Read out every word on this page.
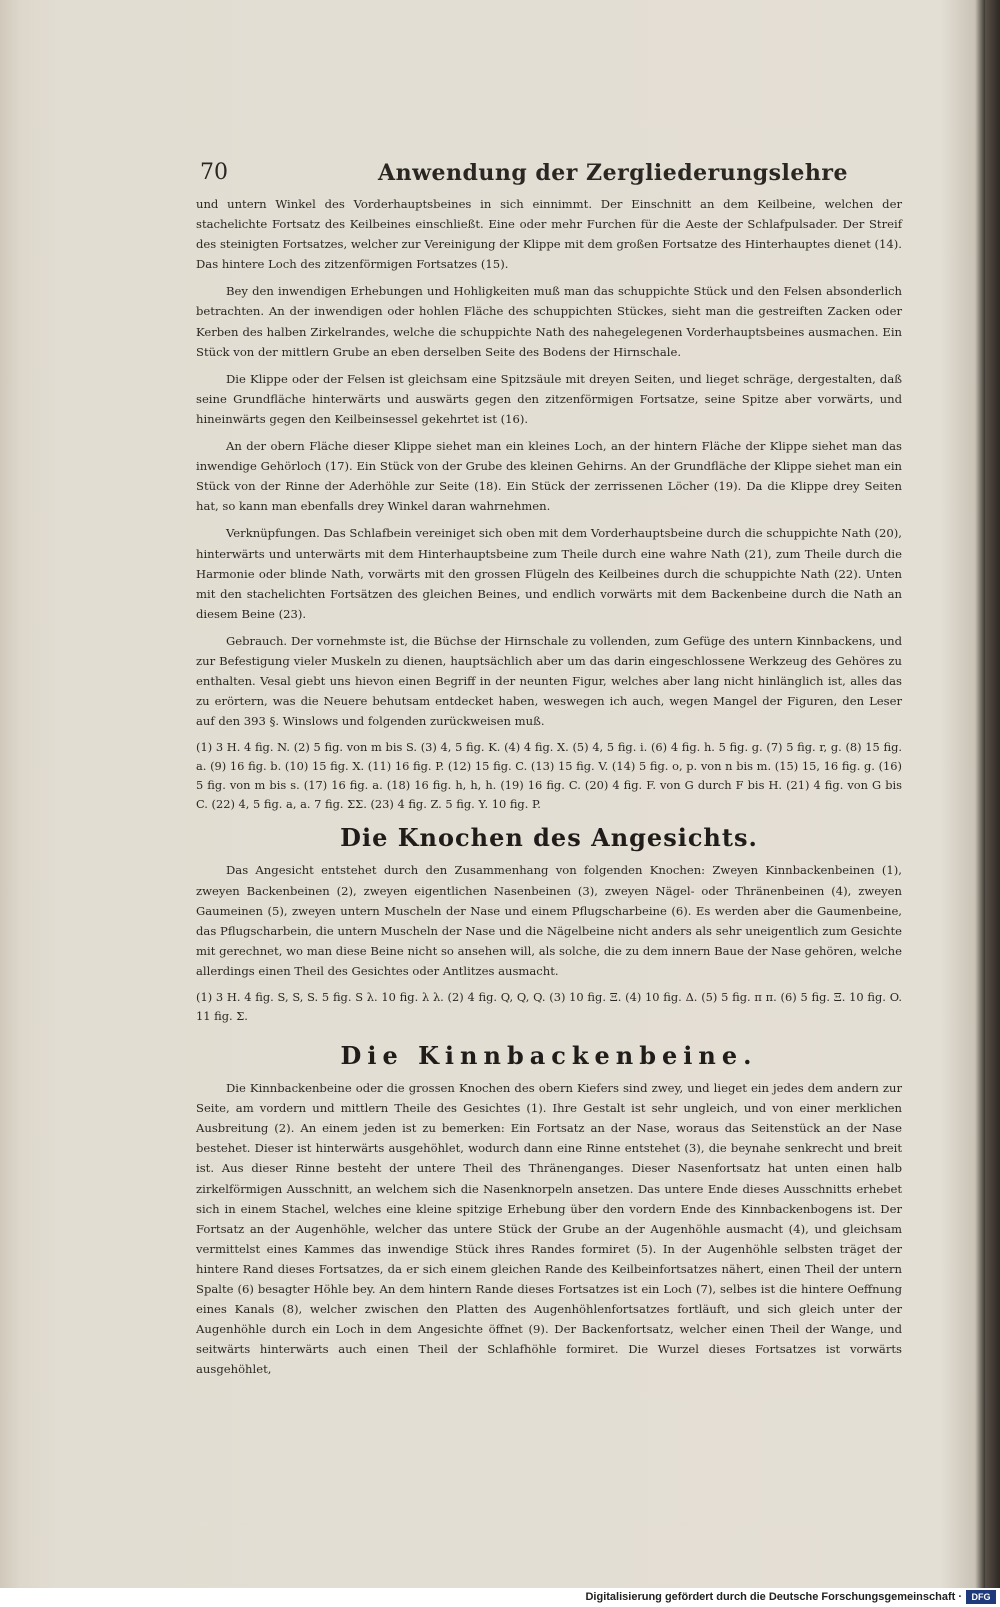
70	Anwendung der Zergliederungslehre

und untern Winkel des Vorderhauptsbeines in sich einnimmt. Der Einschnitt an dem Keilbeine, welchen der stachelichte Fortsatz des Keilbeines einschließt. Eine oder mehr Furchen für die Aeste der Schlafpulsader. Der Streif des steinigten Fortsatzes, welcher zur Vereinigung der Klippe mit dem großen Fortsatze des Hinterhauptes dienet (14). Das hintere Loch des zitzenförmigen Fortsatzes (15).

Bey den inwendigen Erhebungen und Hohligkeiten muß man das schuppichte Stück und den Felsen absonderlich betrachten. An der inwendigen oder hohlen Fläche des schuppichten Stückes, sieht man die gestreiften Zacken oder Kerben des halben Zirkelrandes, welche die schuppichte Nath des nahegelegenen Vorderhauptsbeines ausmachen. Ein Stück von der mittlern Grube an eben derselben Seite des Bodens der Hirnschale.

Die Klippe oder der Felsen ist gleichsam eine Spitzsäule mit dreyen Seiten, und lieget schräge, dergestalten, daß seine Grundfläche hinterwärts und auswärts gegen den zitzenförmigen Fortsatze, seine Spitze aber vorwärts, und hineinwärts gegen den Keilbeinsessel gekehrtet ist (16).

An der obern Fläche dieser Klippe siehet man ein kleines Loch, an der hintern Fläche der Klippe siehet man das inwendige Gehörloch (17). Ein Stück von der Grube des kleinen Gehirns. An der Grundfläche der Klippe siehet man ein Stück von der Rinne der Aderhöhle zur Seite (18). Ein Stück der zerrissenen Löcher (19). Da die Klippe drey Seiten hat, so kann man ebenfalls drey Winkel daran wahrnehmen.

Verknüpfungen. Das Schlafbein vereiniget sich oben mit dem Vorderhauptsbeine durch die schuppichte Nath (20), hinterwärts und unterwärts mit dem Hinterhauptsbeine zum Theile durch eine wahre Nath (21), zum Theile durch die Harmonie oder blinde Nath, vorwärts mit den grossen Flügeln des Keilbeines durch die schuppichte Nath (22). Unten mit den stachelichten Fortsätzen des gleichen Beines, und endlich vorwärts mit dem Backenbeine durch die Nath an diesem Beine (23).

Gebrauch. Der vornehmste ist, die Büchse der Hirnschale zu vollenden, zum Gefüge des untern Kinnbackens, und zur Befestigung vieler Muskeln zu dienen, hauptsächlich aber um das darin eingeschlossene Werkzeug des Gehöres zu enthalten. Vesal giebt uns hievon einen Begriff in der neunten Figur, welches aber lang nicht hinlänglich ist, alles das zu erörtern, was die Neuere behutsam entdecket haben, weswegen ich auch, wegen Mangel der Figuren, den Leser auf den 393 §. Winslows und folgenden zurückweisen muß.

(1) 3 H. 4 fig. N. (2) 5 fig. von m bis S. (3) 4, 5 fig. K. (4) 4 fig. X. (5) 4, 5 fig. i. (6) 4 fig. h. 5 fig. g. (7) 5 fig. r, g. (8) 15 fig. a. (9) 16 fig. b. (10) 15 fig. X. (11) 16 fig. P. (12) 15 fig. C. (13) 15 fig. V. (14) 5 fig. o, p. von n bis m. (15) 15, 16 fig. g. (16) 5 fig. von m bis s. (17) 16 fig. a. (18) 16 fig. h, h, h. (19) 16 fig. C. (20) 4 fig. F. von G durch F bis H. (21) 4 fig. von G bis C. (22) 4, 5 fig. a, a. 7 fig. ΣΣ. (23) 4 fig. Z. 5 fig. Y. 10 fig. P.

Die Knochen des Angesichts.

Das Angesicht entstehet durch den Zusammenhang von folgenden Knochen: Zweyen Kinnbackenbeinen (1), zweyen Backenbeinen (2), zweyen eigentlichen Nasenbeinen (3), zweyen Nägel- oder Thränenbeinen (4), zweyen Gaumeinen (5), zweyen untern Muscheln der Nase und einem Pflugscharbeine (6). Es werden aber die Gaumenbeine, das Pflugscharbein, die untern Muscheln der Nase und die Nägelbeine nicht anders als sehr uneigentlich zum Gesichte mit gerechnet, wo man diese Beine nicht so ansehen will, als solche, die zu dem innern Baue der Nase gehören, welche allerdings einen Theil des Gesichtes oder Antlitzes ausmacht.

(1) 3 H. 4 fig. S, S, S. 5 fig. S λ. 10 fig. λ λ. (2) 4 fig. Q, Q, Q. (3) 10 fig. Ξ. (4) 10 fig. Δ. (5) 5 fig. π π. (6) 5 fig. Ξ. 10 fig. O. 11 fig. Σ.

Die Kinnbackenbeine.

Die Kinnbackenbeine oder die grossen Knochen des obern Kiefers sind zwey, und lieget ein jedes dem andern zur Seite, am vordern und mittlern Theile des Gesichtes (1). Ihre Gestalt ist sehr ungleich, und von einer merklichen Ausbreitung (2). An einem jeden ist zu bemerken: Ein Fortsatz an der Nase, woraus das Seitenstück an der Nase bestehet. Dieser ist hinterwärts ausgehöhlet, wodurch dann eine Rinne entstehet (3), die beynahe senkrecht und breit ist. Aus dieser Rinne besteht der untere Theil des Thränenganges. Dieser Nasenfortsatz hat unten einen halb zirkelförmigen Ausschnitt, an welchem sich die Nasenknorpeln ansetzen. Das untere Ende dieses Ausschnitts erhebet sich in einem Stachel, welches eine kleine spitzige Erhebung über den vordern Ende des Kinnbackenbogens ist. Der Fortsatz an der Augenhöhle, welcher das untere Stück der Grube an der Augenhöhle ausmacht (4), und gleichsam vermittelst eines Kammes das inwendige Stück ihres Randes formiret (5). In der Augenhöhle selbsten träget der hintere Rand dieses Fortsatzes, da er sich einem gleichen Rande des Keilbeinfortsatzes nähert, einen Theil der untern Spalte (6) besagter Höhle bey. An dem hintern Rande dieses Fortsatzes ist ein Loch (7), selbes ist die hintere Oeffnung eines Kanals (8), welcher zwischen den Platten des Augenhöhlenfortsatzes fortläuft, und sich gleich unter der Augenhöhle durch ein Loch in dem Angesichte öffnet (9). Der Backenfortsatz, welcher einen Theil der Wange, und seitwärts hinterwärts auch einen Theil der Schlafhöhle formiret. Die Wurzel dieses Fortsatzes ist vorwärts ausgehöhlet,

Digitalisierung gefördert durch die Deutsche Forschungsgemeinschaft ·	DFG
